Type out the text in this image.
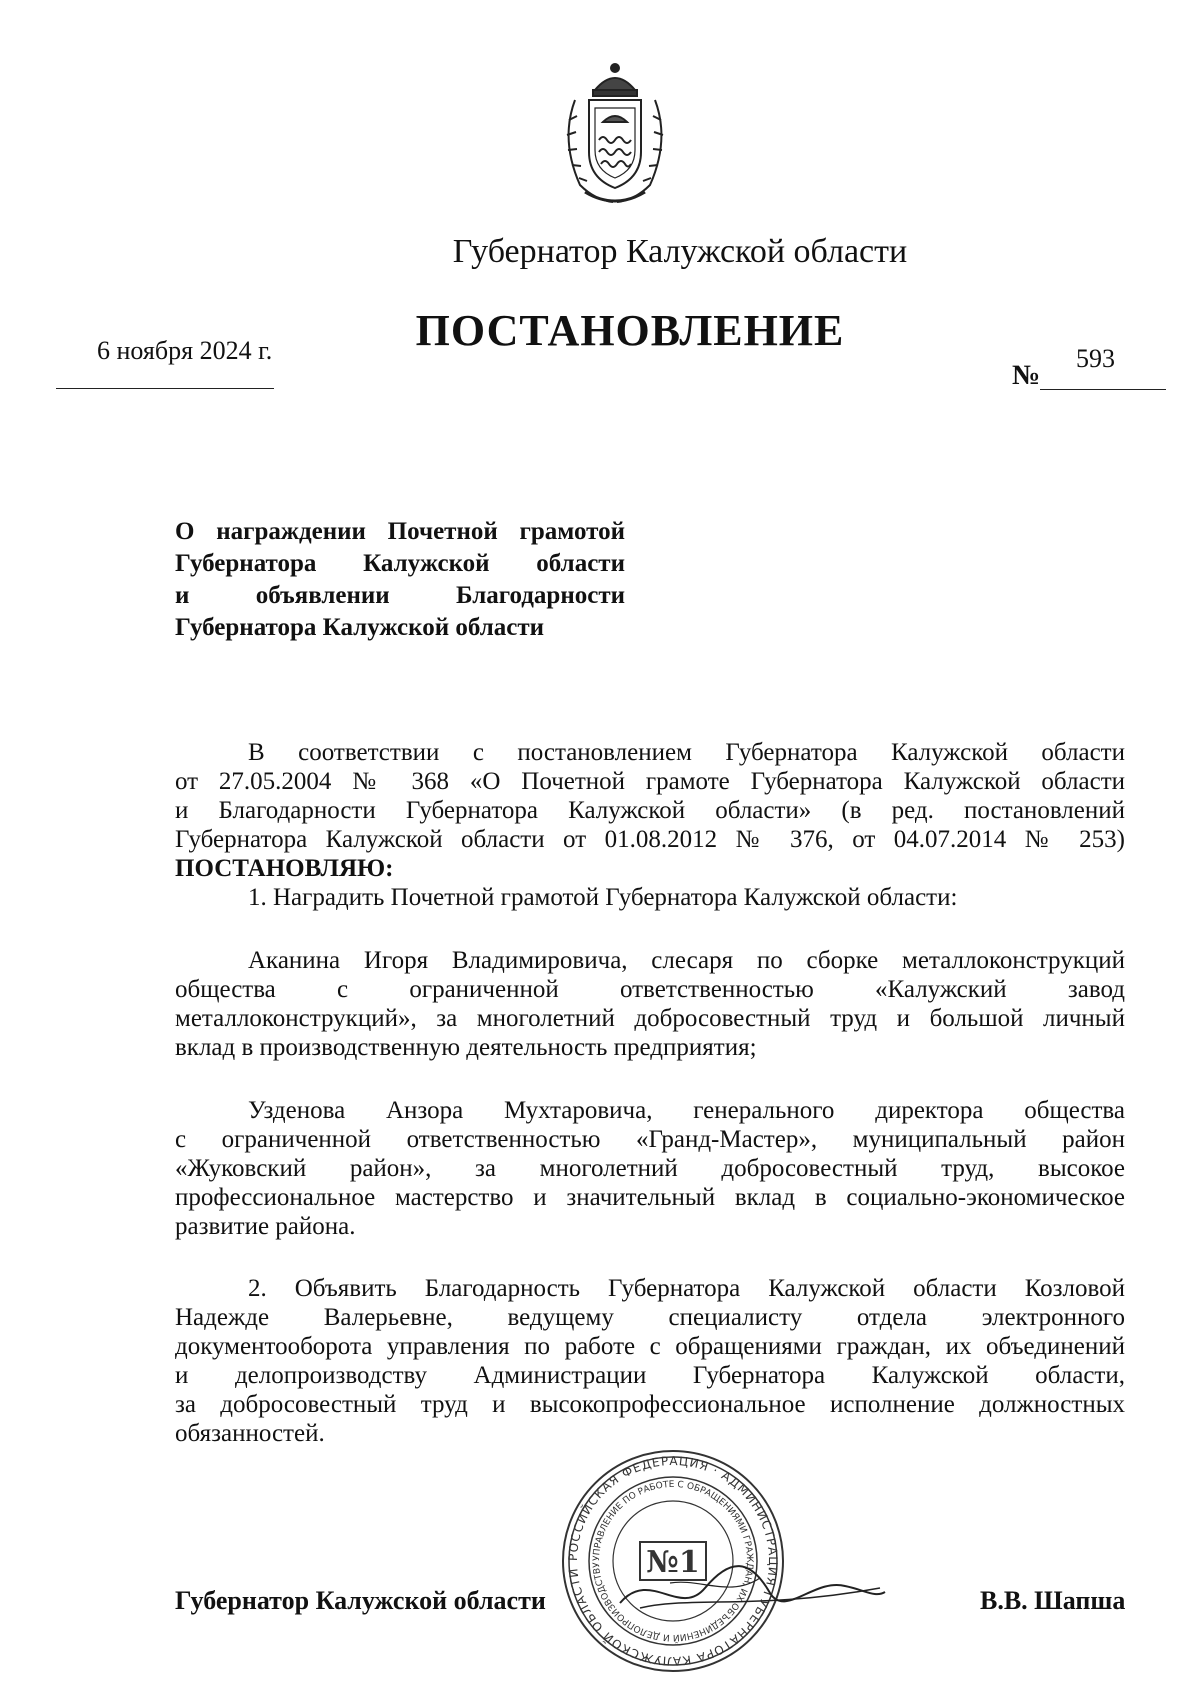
Губернатор Калужской области
ПОСТАНОВЛЕНИЕ
6 ноября 2024 г.
№
593
О награждении Почетной грамотой
Губернатора Калужской области
и объявлении Благодарности
Губернатора Калужской области
В соответствии с постановлением Губернатора Калужской области
от 27.05.2004 № 368 «О Почетной грамоте Губернатора Калужской области
и Благодарности Губернатора Калужской области» (в ред. постановлений
Губернатора Калужской области от 01.08.2012 № 376, от 04.07.2014 № 253)
ПОСТАНОВЛЯЮ:
1. Наградить Почетной грамотой Губернатора Калужской области:
Аканина Игоря Владимировича, слесаря по сборке металлоконструкций
общества с ограниченной ответственностью «Калужский завод
металлоконструкций», за многолетний добросовестный труд и большой личный
вклад в производственную деятельность предприятия;
Узденова Анзора Мухтаровича, генерального директора общества
с ограниченной ответственностью «Гранд-Мастер», муниципальный район
«Жуковский район», за многолетний добросовестный труд, высокое
профессиональное мастерство и значительный вклад в социально-экономическое
развитие района.
2. Объявить Благодарность Губернатора Калужской области Козловой
Надежде Валерьевне, ведущему специалисту отдела электронного
документооборота управления по работе с обращениями граждан, их объединений
и делопроизводству Администрации Губернатора Калужской области,
за добросовестный труд и высокопрофессиональное исполнение должностных
обязанностей.
РОССИЙСКАЯ ФЕДЕРАЦИЯ · АДМИНИСТРАЦИЯ ГУБЕРНАТОРА КАЛУЖСКОЙ ОБЛАСТИ
УПРАВЛЕНИЕ ПО РАБОТЕ С ОБРАЩЕНИЯМИ ГРАЖДАН, ИХ ОБЪЕДИНЕНИЙ И ДЕЛОПРОИЗВОДСТВУ	№1
Губернатор Калужской области	В.В. Шапша
